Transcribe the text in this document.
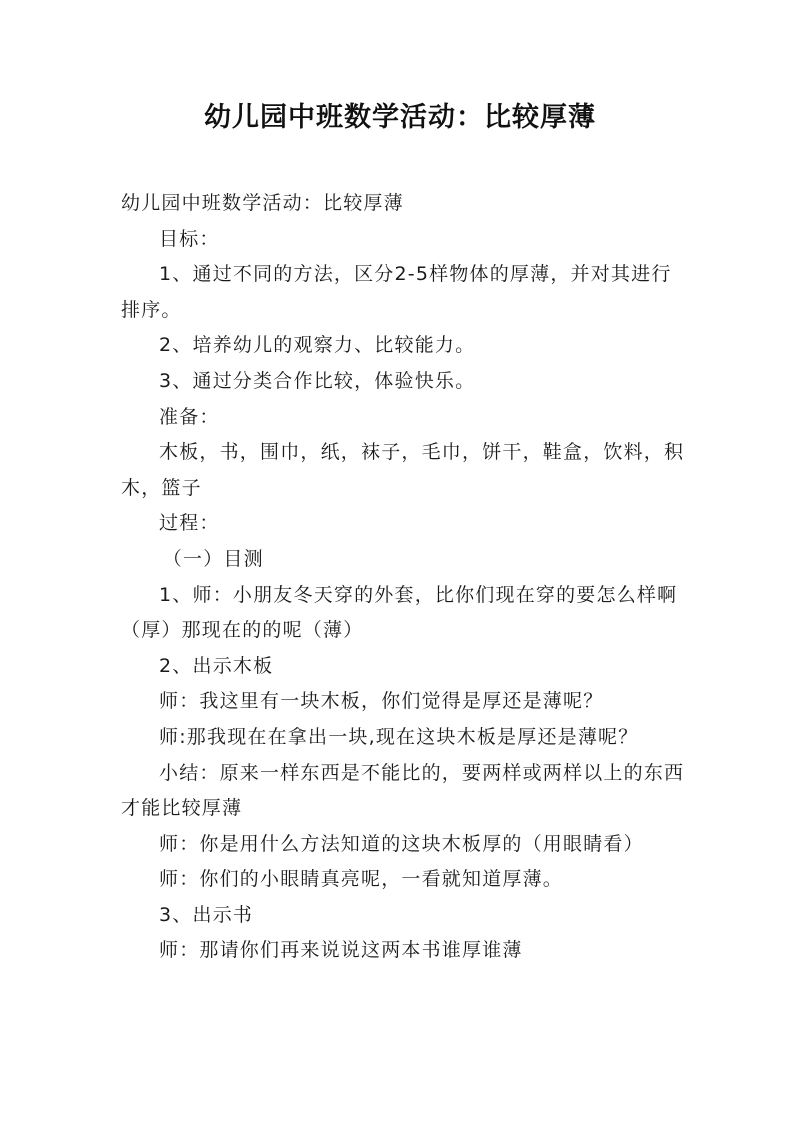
幼儿园中班数学活动：比较厚薄

幼儿园中班数学活动：比较厚薄

目标：

1、通过不同的方法，区分2-5样物体的厚薄，并对其进行排序。

2、培养幼儿的观察力、比较能力。

3、通过分类合作比较，体验快乐。

准备：

木板，书，围巾，纸，袜子，毛巾，饼干，鞋盒，饮料，积木，篮子

过程：

（一）目测

1、师：小朋友冬天穿的外套，比你们现在穿的要怎么样啊（厚）那现在的的呢（薄）

2、出示木板

师：我这里有一块木板，你们觉得是厚还是薄呢？

师:那我现在在拿出一块,现在这块木板是厚还是薄呢？

小结：原来一样东西是不能比的，要两样或两样以上的东西才能比较厚薄

师：你是用什么方法知道的这块木板厚的（用眼睛看）

师：你们的小眼睛真亮呢，一看就知道厚薄。

3、出示书

师：那请你们再来说说这两本书谁厚谁薄
